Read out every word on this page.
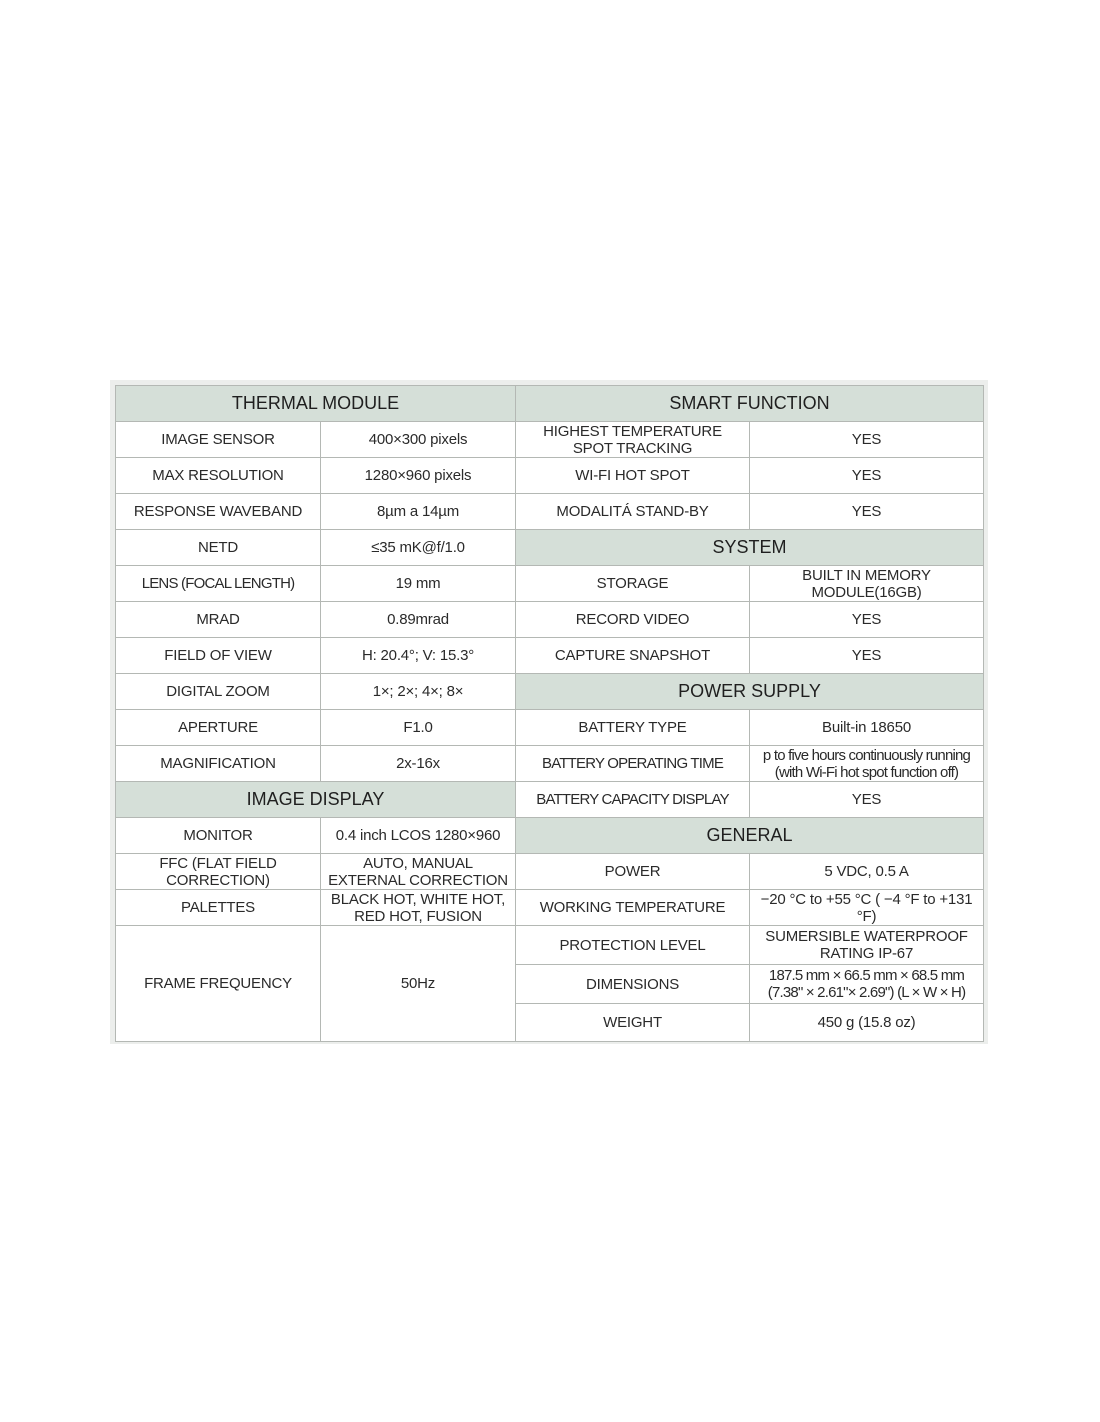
THERMAL MODULE		SMART FUNCTION	
IMAGE SENSOR	400×300 pixels	HIGHEST TEMPERATURE SPOT TRACKING	YES
MAX RESOLUTION	1280×960 pixels	WI-FI HOT SPOT	YES
RESPONSE WAVEBAND	8µm a 14µm	MODALITÁ STAND-BY	YES
NETD	≤35 mK@f/1.0	SYSTEM	
LENS (FOCAL LENGTH)	19 mm	STORAGE	BUILT IN MEMORY MODULE(16GB)
MRAD	0.89mrad	RECORD VIDEO	YES
FIELD OF VIEW	H: 20.4°; V: 15.3°	CAPTURE SNAPSHOT	YES
DIGITAL ZOOM	1×; 2×; 4×; 8×	POWER SUPPLY	
APERTURE	F1.0	BATTERY TYPE	Built-in 18650
MAGNIFICATION	2x-16x	BATTERY OPERATING TIME	p to five hours continuously running (with Wi-Fi hot spot function off)
IMAGE DISPLAY		BATTERY CAPACITY DISPLAY	YES
MONITOR	0.4 inch LCOS 1280×960	GENERAL	
FFC (FLAT FIELD CORRECTION)	AUTO, MANUAL EXTERNAL CORRECTION	POWER	5 VDC, 0.5 A
PALETTES	BLACK HOT, WHITE HOT, RED HOT, FUSION	WORKING TEMPERATURE	−20 °C to +55 °C ( −4 °F to +131 °F)
FRAME FREQUENCY	50Hz	PROTECTION LEVEL	SUMERSIBLE WATERPROOF RATING IP-67
		DIMENSIONS	187.5 mm × 66.5 mm × 68.5 mm (7.38" × 2.61"× 2.69") (L × W × H)
		WEIGHT	450 g (15.8 oz)
